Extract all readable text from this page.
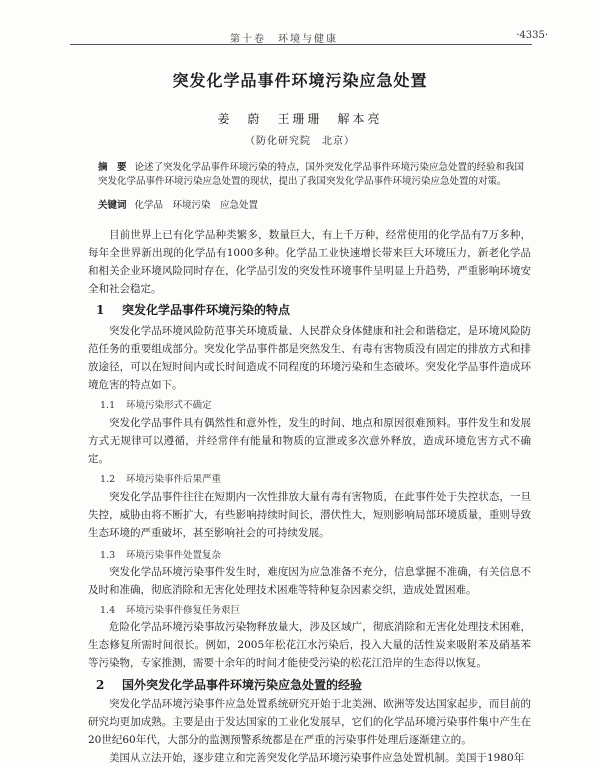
第十卷　环境与健康	·4335·
突发化学品事件环境污染应急处置
姜　蔚　王珊珊　解本亮
（防化研究院　北京）
摘　要 论述了突发化学品事件环境污染的特点，国外突发化学品事件环境污染应急处置的经验和我国突发化学品事件环境污染应急处置的现状，提出了我国突发化学品事件环境污染应急处置的对策。
关键词 化学品　环境污染　应急处置

目前世界上已有化学品种类繁多，数量巨大，有上千万种，经常使用的化学品有7万多种，每年全世界新出现的化学品有1000多种。化学品工业快速增长带来巨大环境压力，新老化学品和相关企业环境风险同时存在，化学品引发的突发性环境事件呈明显上升趋势，严重影响环境安全和社会稳定。

1 突发化学品事件环境污染的特点

突发化学品环境风险防范事关环境质量、人民群众身体健康和社会和谐稳定，是环境风险防范任务的重要组成部分。突发化学品事件都是突然发生、有毒有害物质没有固定的排放方式和排放途径，可以在短时间内或长时间造成不同程度的环境污染和生态破坏。突发化学品事件造成环境危害的特点如下。

1.1 环境污染形式不确定

突发化学品事件具有偶然性和意外性，发生的时间、地点和原因很难预料。事件发生和发展方式无规律可以遵循，并经常伴有能量和物质的宣泄或多次意外释放，造成环境危害方式不确定。

1.2 环境污染事件后果严重

突发化学品事件往往在短期内一次性排放大量有毒有害物质，在此事件处于失控状态，一旦失控，威胁由将不断扩大，有些影响持续时间长，潜伏性大，短则影响局部环境质量，重则导致生态环境的严重破坏，甚至影响社会的可持续发展。

1.3 环境污染事件处置复杂

突发化学品环境污染事件发生时，难度因为应急准备不充分，信息掌握不准确，有关信息不及时和准确，彻底消除和无害化处理技术困难等特种复杂因素交织，造成处置困难。

1.4 环境污染事件修复任务艰巨

危险化学品环境污染事故污染物释放量大，涉及区域广，彻底消除和无害化处理技术困难，生态修复所需时间很长。例如，2005年松花江水污染后，投入大量的活性炭来吸附苯及硝基苯等污染物，专家推测，需要十余年的时间才能使受污染的松花江沿岸的生态得以恢复。

2 国外突发化学品事件环境污染应急处置的经验

突发化学品环境污染事件应急处置系统研究开始于北美洲、欧洲等发达国家起步，而目前的研究均更加成熟。主要是由于发达国家的工业化发展早，它们的化学品环境污染事件集中产生在20世纪60年代，大部分的监测预警系统都是在严重的污染事件处理后逐渐建立的。

美国从立法开始，逐步建立和完善突发化学品环境污染事件应急处置机制。美国于1980年
